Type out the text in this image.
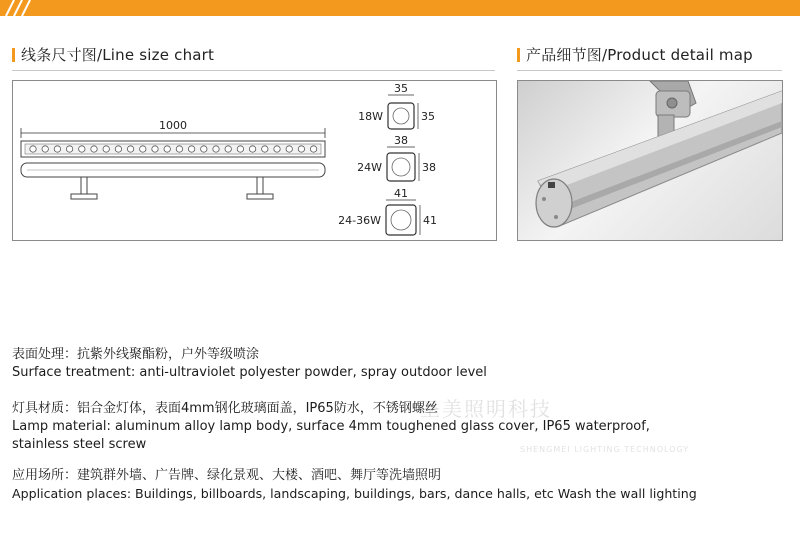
线条尺寸图/Line size chart	产品细节图/Product detail map
1000
35
35
18W
38
38
24W
41
41
24-36W
圣美照明科技
SHENGMEI LIGHTING TECHNOLOGY
表面处理：抗紫外线聚酯粉，户外等级喷涂
Surface treatment: anti-ultraviolet polyester powder, spray outdoor level
灯具材质：铝合金灯体，表面4mm钢化玻璃面盖，IP65防水，不锈钢螺丝
Lamp material: aluminum alloy lamp body, surface 4mm toughened glass cover, IP65 waterproof,
stainless steel screw
应用场所：建筑群外墙、广告牌、绿化景观、大楼、酒吧、舞厅等洗墙照明
Application places: Buildings, billboards, landscaping, buildings, bars, dance halls, etc Wash the wall lighting
